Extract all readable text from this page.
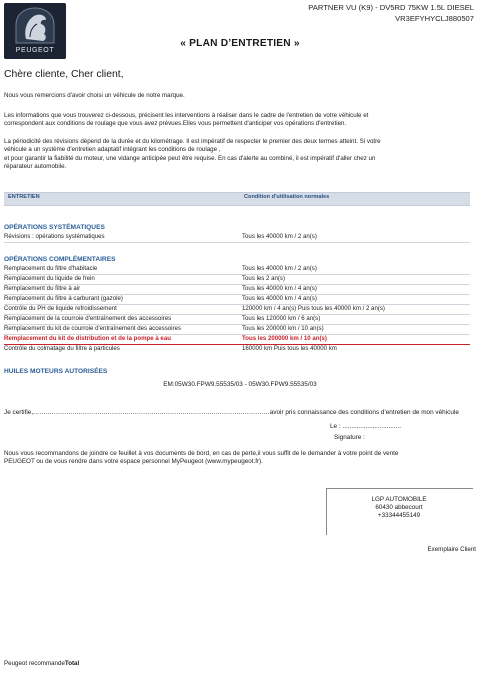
PEUGEOT
PARTNER VU (K9) - DV5RD 75KW 1.5L DIESEL
VR3EFYHYCLJ880507
« PLAN D’ENTRETIEN »
Chère cliente, Cher client,
Nous vous remercions d'avoir choisi un véhicule de notre marque.
Les informations que vous trouverez ci-dessous, précisent les interventions à réaliser dans le cadre de l'entretien de votre véhicule et
correspondent aux conditions de roulage que vous avez prévues.Elles vous permettent d'anticiper vos opérations d'entretien.
La périodicité des révisions dépend de la durée et du kilométrage. Il est impératif de respecter le premier des deux termes atteint. Si votre
véhicule a un système d'entretien adaptatif intégrant les conditions de roulage ,
et pour garantir la fiabilité du moteur, une vidange anticipée peut être requise. En cas d'alerte au combiné, il est impératif d'aller chez un
réparateur automobile.
ENTRETIEN	Condition d'utilisation normales
OPÉRATIONS SYSTÉMATIQUES
Révisions : opérations systématiques	Tous les 40000 km / 2 an(s)
OPÉRATIONS COMPLÉMENTAIRES
Remplacement du filtre d'habitacle	Tous les 40000 km / 2 an(s)
Remplacement du liquide de frein	Tous les 2 an(s)
Remplacement du filtre à air	Tous les 40000 km / 4 an(s)
Remplacement du filtre à carburant (gazole)	Tous les 40000 km / 4 an(s)
Contrôle du PH de liquide refroidissement	120000 km / 4 an(s) Puis tous les 40000 km / 2 an(s)
Remplacement de la courroie d'entraînement des accessoires	Tous les 120000 km / 6 an(s)
Remplacement du kit de courroie d'entraînement des accessoires	Tous les 200000 km / 10 an(s)
Remplacement du kit de distribution et de la pompe à eau	Tous les 200000 km / 10 an(s)
Contrôle du colmatage du filtre à particules	160000 km Puis tous les 40000 km
HUILES MOTEURS AUTORISÉES
EM:05W30.FPW9.55535/03 - 05W30.FPW9.55535/03
Je certifie,..................................................................................................................avoir pris connaissance des conditions d'entretien de mon véhicule
Le : .................................
Signature :
Nous vous recommandons de joindre ce feuillet à vos documents de bord, en cas de perte,il vous suffit de le demander à votre point de vente
PEUGEOT ou de vous rendre dans votre espace personnel MyPeugeot (www.mypeugeot.fr).
LGP AUTOMOBILE
60430 abbecourt
+33344455149
Exemplaire Client
Peugeot recommandeTotal
